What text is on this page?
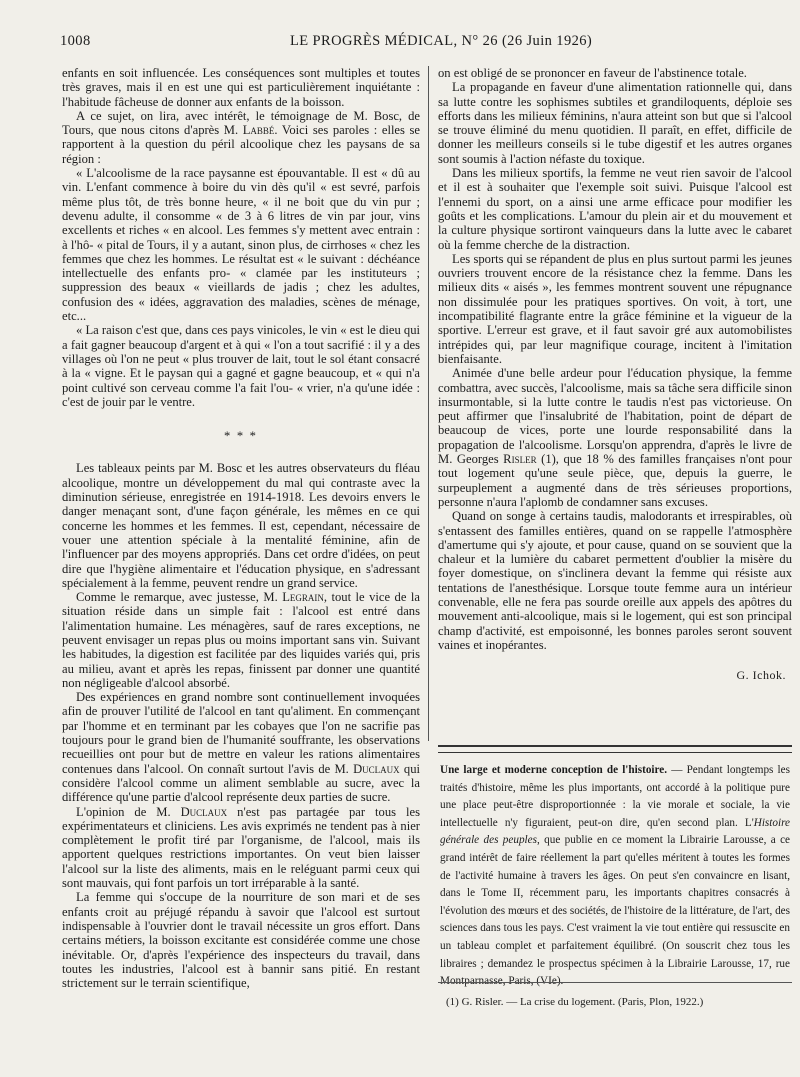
1008	LE PROGRÈS MÉDICAL, N° 26 (26 Juin 1926)

enfants en soit influencée. Les conséquences sont multiples et toutes très graves, mais il en est une qui est particulièrement inquiétante : l'habitude fâcheuse de donner aux enfants de la boisson.

A ce sujet, on lira, avec intérêt, le témoignage de M. Bosc, de Tours, que nous citons d'après M. Labbé. Voici ses paroles : elles se rapportent à la question du péril alcoolique chez les paysans de sa région :

« L'alcoolisme de la race paysanne est épouvantable. Il est « dû au vin. L'enfant commence à boire du vin dès qu'il « est sevré, parfois même plus tôt, de très bonne heure, « il ne boit que du vin pur ; devenu adulte, il consomme « de 3 à 6 litres de vin par jour, vins excellents et riches « en alcool. Les femmes s'y mettent avec entrain : à l'hô- « pital de Tours, il y a autant, sinon plus, de cirrhoses « chez les femmes que chez les hommes. Le résultat est « le suivant : déchéance intellectuelle des enfants pro- « clamée par les instituteurs ; suppression des beaux « vieillards de jadis ; chez les adultes, confusion des « idées, aggravation des maladies, scènes de ménage, etc...

« La raison c'est que, dans ces pays vinicoles, le vin « est le dieu qui a fait gagner beaucoup d'argent et à qui « l'on a tout sacrifié : il y a des villages où l'on ne peut « plus trouver de lait, tout le sol étant consacré à la « vigne. Et le paysan qui a gagné et gagne beaucoup, et « qui n'a point cultivé son cerveau comme l'a fait l'ou- « vrier, n'a qu'une idée : c'est de jouir par le ventre.

* * *

Les tableaux peints par M. Bosc et les autres observateurs du fléau alcoolique, montre un développement du mal qui contraste avec la diminution sérieuse, enregistrée en 1914-1918. Les devoirs envers le danger menaçant sont, d'une façon générale, les mêmes en ce qui concerne les hommes et les femmes. Il est, cependant, nécessaire de vouer une attention spéciale à la mentalité féminine, afin de l'influencer par des moyens appropriés. Dans cet ordre d'idées, on peut dire que l'hygiène alimentaire et l'éducation physique, en s'adressant spécialement à la femme, peuvent rendre un grand service.

Comme le remarque, avec justesse, M. Legrain, tout le vice de la situation réside dans un simple fait : l'alcool est entré dans l'alimentation humaine. Les ménagères, sauf de rares exceptions, ne peuvent envisager un repas plus ou moins important sans vin. Suivant les habitudes, la digestion est facilitée par des liquides variés qui, pris au milieu, avant et après les repas, finissent par donner une quantité non négligeable d'alcool absorbé.

Des expériences en grand nombre sont continuellement invoquées afin de prouver l'utilité de l'alcool en tant qu'aliment. En commençant par l'homme et en terminant par les cobayes que l'on ne sacrifie pas toujours pour le grand bien de l'humanité souffrante, les observations recueillies ont pour but de mettre en valeur les rations alimentaires contenues dans l'alcool. On connaît surtout l'avis de M. Duclaux qui considère l'alcool comme un aliment semblable au sucre, avec la différence qu'une partie d'alcool représente deux parties de sucre.

L'opinion de M. Duclaux n'est pas partagée par tous les expérimentateurs et cliniciens. Les avis exprimés ne tendent pas à nier complètement le profit tiré par l'organisme, de l'alcool, mais ils apportent quelques restrictions importantes. On veut bien laisser l'alcool sur la liste des aliments, mais en le reléguant parmi ceux qui sont mauvais, qui font parfois un tort irréparable à la santé.

La femme qui s'occupe de la nourriture de son mari et de ses enfants croit au préjugé répandu à savoir que l'alcool est surtout indispensable à l'ouvrier dont le travail nécessite un gros effort. Dans certains métiers, la boisson excitante est considérée comme une chose inévitable. Or, d'après l'expérience des inspecteurs du travail, dans toutes les industries, l'alcool est à bannir sans pitié. En restant strictement sur le terrain scientifique,

on est obligé de se prononcer en faveur de l'abstinence totale.

La propagande en faveur d'une alimentation rationnelle qui, dans sa lutte contre les sophismes subtiles et grandiloquents, déploie ses efforts dans les milieux féminins, n'aura atteint son but que si l'alcool se trouve éliminé du menu quotidien. Il paraît, en effet, difficile de donner les meilleurs conseils si le tube digestif et les autres organes sont soumis à l'action néfaste du toxique.

Dans les milieux sportifs, la femme ne veut rien savoir de l'alcool et il est à souhaiter que l'exemple soit suivi. Puisque l'alcool est l'ennemi du sport, on a ainsi une arme efficace pour modifier les goûts et les complications. L'amour du plein air et du mouvement et la culture physique sortiront vainqueurs dans la lutte avec le cabaret où la femme cherche de la distraction.

Les sports qui se répandent de plus en plus surtout parmi les jeunes ouvriers trouvent encore de la résistance chez la femme. Dans les milieux dits « aisés », les femmes montrent souvent une répugnance non dissimulée pour les pratiques sportives. On voit, à tort, une incompatibilité flagrante entre la grâce féminine et la vigueur de la sportive. L'erreur est grave, et il faut savoir gré aux automobilistes intrépides qui, par leur magnifique courage, incitent à l'imitation bienfaisante.

Animée d'une belle ardeur pour l'éducation physique, la femme combattra, avec succès, l'alcoolisme, mais sa tâche sera difficile sinon insurmontable, si la lutte contre le taudis n'est pas victorieuse. On peut affirmer que l'insalubrité de l'habitation, point de départ de beaucoup de vices, porte une lourde responsabilité dans la propagation de l'alcoolisme. Lorsqu'on apprendra, d'après le livre de M. Georges Risler (1), que 18 % des familles françaises n'ont pour tout logement qu'une seule pièce, que, depuis la guerre, le surpeuplement a augmenté dans de très sérieuses proportions, personne n'aura l'aplomb de condamner sans excuses.

Quand on songe à certains taudis, malodorants et irrespirables, où s'entassent des familles entières, quand on se rappelle l'atmosphère d'amertume qui s'y ajoute, et pour cause, quand on se souvient que la chaleur et la lumière du cabaret permettent d'oublier la misère du foyer domestique, on s'inclinera devant la femme qui résiste aux tentations de l'anesthésique. Lorsque toute femme aura un intérieur convenable, elle ne fera pas sourde oreille aux appels des apôtres du mouvement anti-alcoolique, mais si le logement, qui est son principal champ d'activité, est empoisonné, les bonnes paroles seront souvent vaines et inopérantes.

G. Ichok.

Une large et moderne conception de l'histoire. — Pendant longtemps les traités d'histoire, même les plus importants, ont accordé à la politique pure une place peut-être disproportionnée : la vie morale et sociale, la vie intellectuelle n'y figuraient, peut-on dire, qu'en second plan. L'Histoire générale des peuples, que publie en ce moment la Librairie Larousse, a ce grand intérêt de faire réellement la part qu'elles méritent à toutes les formes de l'activité humaine à travers les âges. On peut s'en convaincre en lisant, dans le Tome II, récemment paru, les importants chapitres consacrés à l'évolution des mœurs et des sociétés, de l'histoire de la littérature, de l'art, des sciences dans tous les pays. C'est vraiment la vie tout entière qui ressuscite en un tableau complet et parfaitement équilibré. (On souscrit chez tous les libraires ; demandez le prospectus spécimen à la Librairie Larousse, 17, rue

(1) G. Risler. — La crise du logement. (Paris, Plon, 1922.)
